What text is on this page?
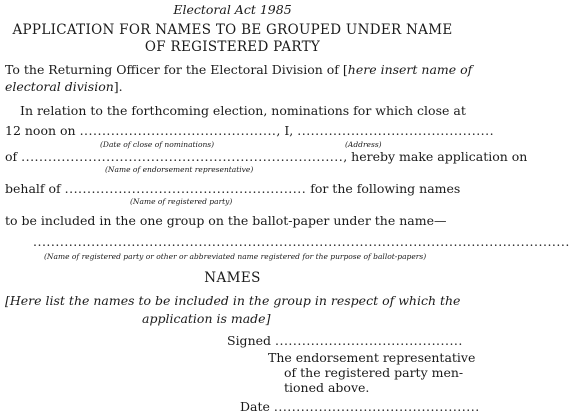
Electoral Act 1985
APPLICATION FOR NAMES TO BE GROUPED UNDER NAME
OF REGISTERED PARTY
To the Returning Officer for the Electoral Division of [here insert name of
electoral division].
In relation to the forthcoming election, nominations for which close at
12 noon on ............................................, I, ............................................
(Date of close of nominations)	(Address)
of ........................................................................, hereby make application on
(Name of endorsement representative)
behalf of ...................................................... for the following names
(Name of registered party)
to be included in the one group on the ballot-paper under the name—
........................................................................................................................
(Name of registered party or other or abbreviated name registered for the purpose of ballot-papers)
NAMES
[Here list the names to be included in the group in respect of which the
application is made]
Signed ..........................................
The endorsement representative
of the registered party men-
tioned above.
Date ..............................................
